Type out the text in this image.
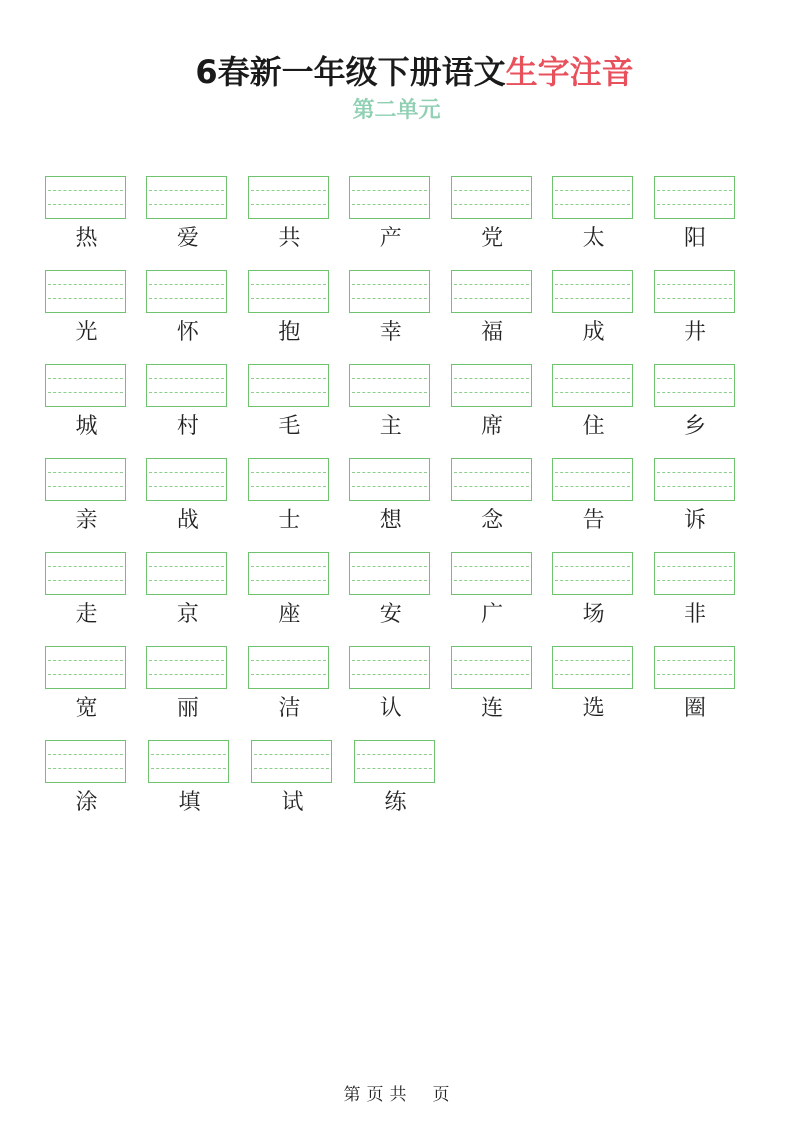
6春新一年级下册语文生字注音
第二单元
热	爱	共	产	党	太	阳
光	怀	抱	幸	福	成	井
城	村	毛	主	席	住	乡
亲	战	士	想	念	告	诉
走	京	座	安	广	场	非
宽	丽	洁	认	连	选	圈
涂	填	试	练
第 页 共 页
